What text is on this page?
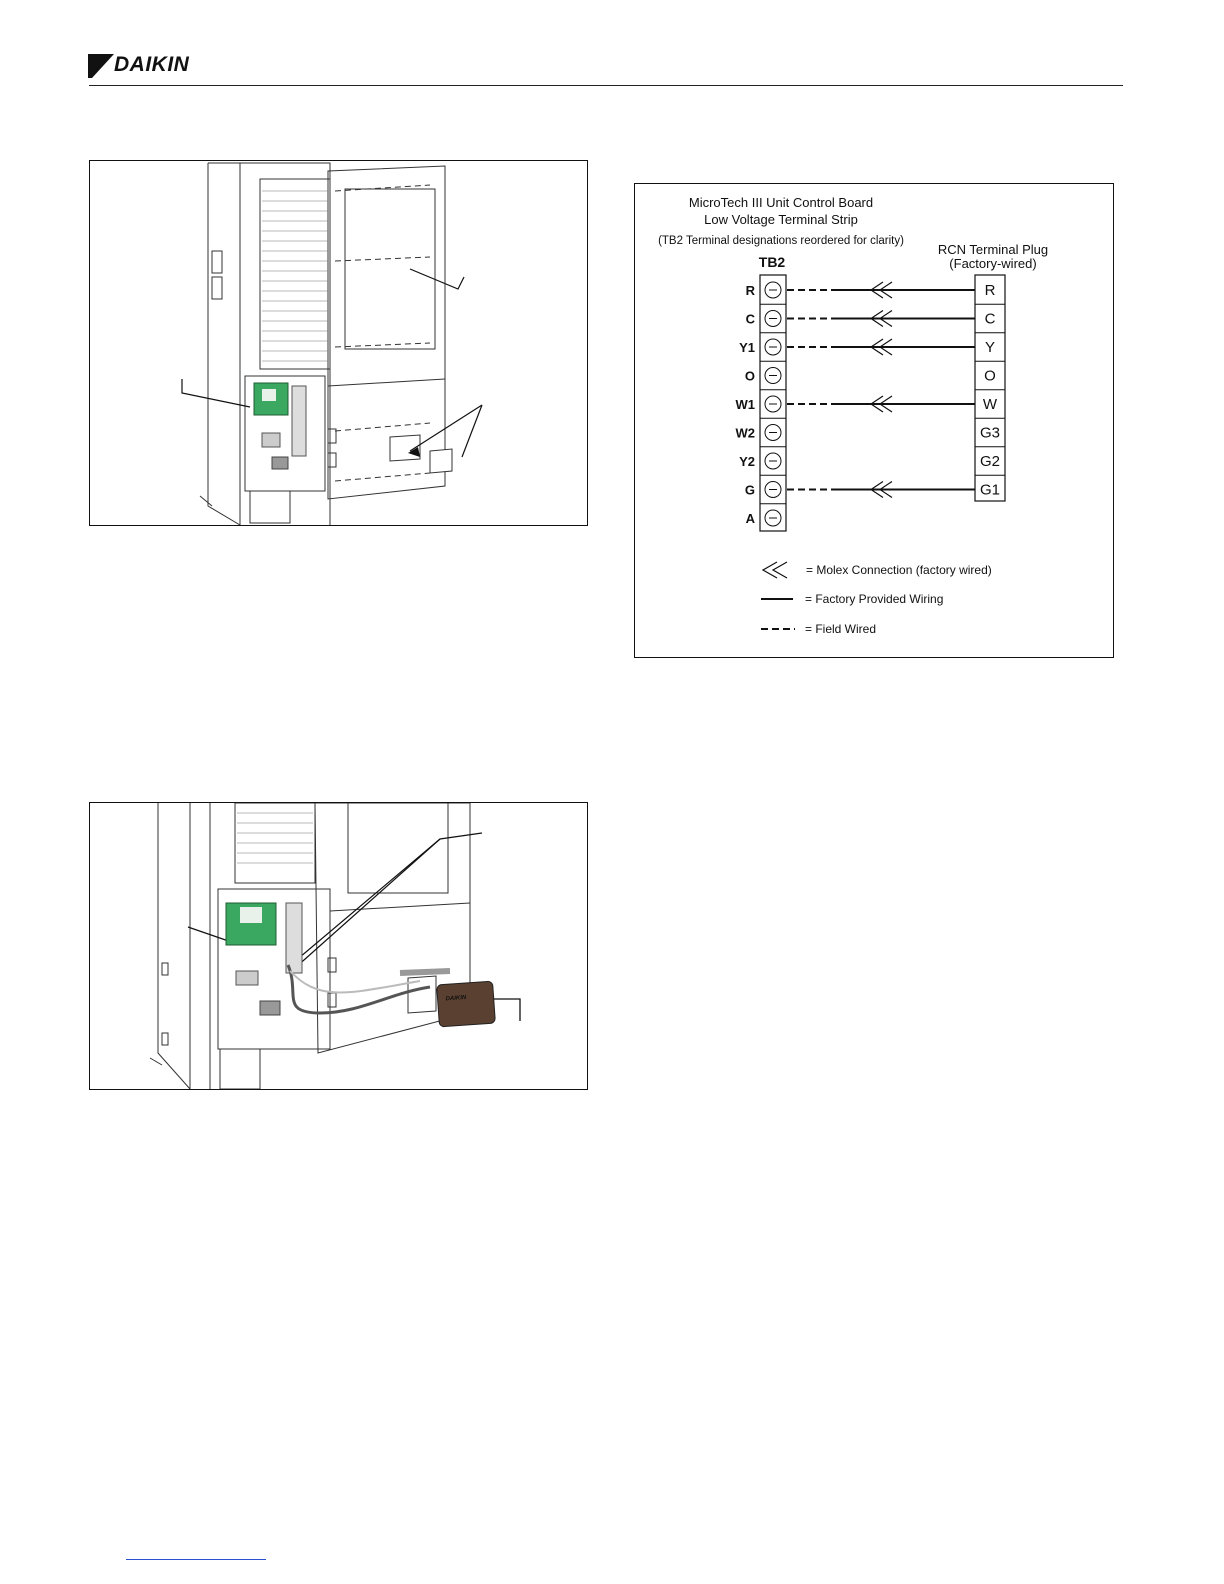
DAIKIN
MicroTech III Unit Control Board
Low Voltage Terminal Strip
(TB2 Terminal designations reordered for clarity)
TB2
RCN Terminal Plug
(Factory-wired)
R
C
Y1
O
W1
W2
Y2
G
A
R
C
Y
O
W
G3
G2
G1
= Molex Connection (factory wired)
= Factory Provided Wiring
= Field Wired
DAIKIN
